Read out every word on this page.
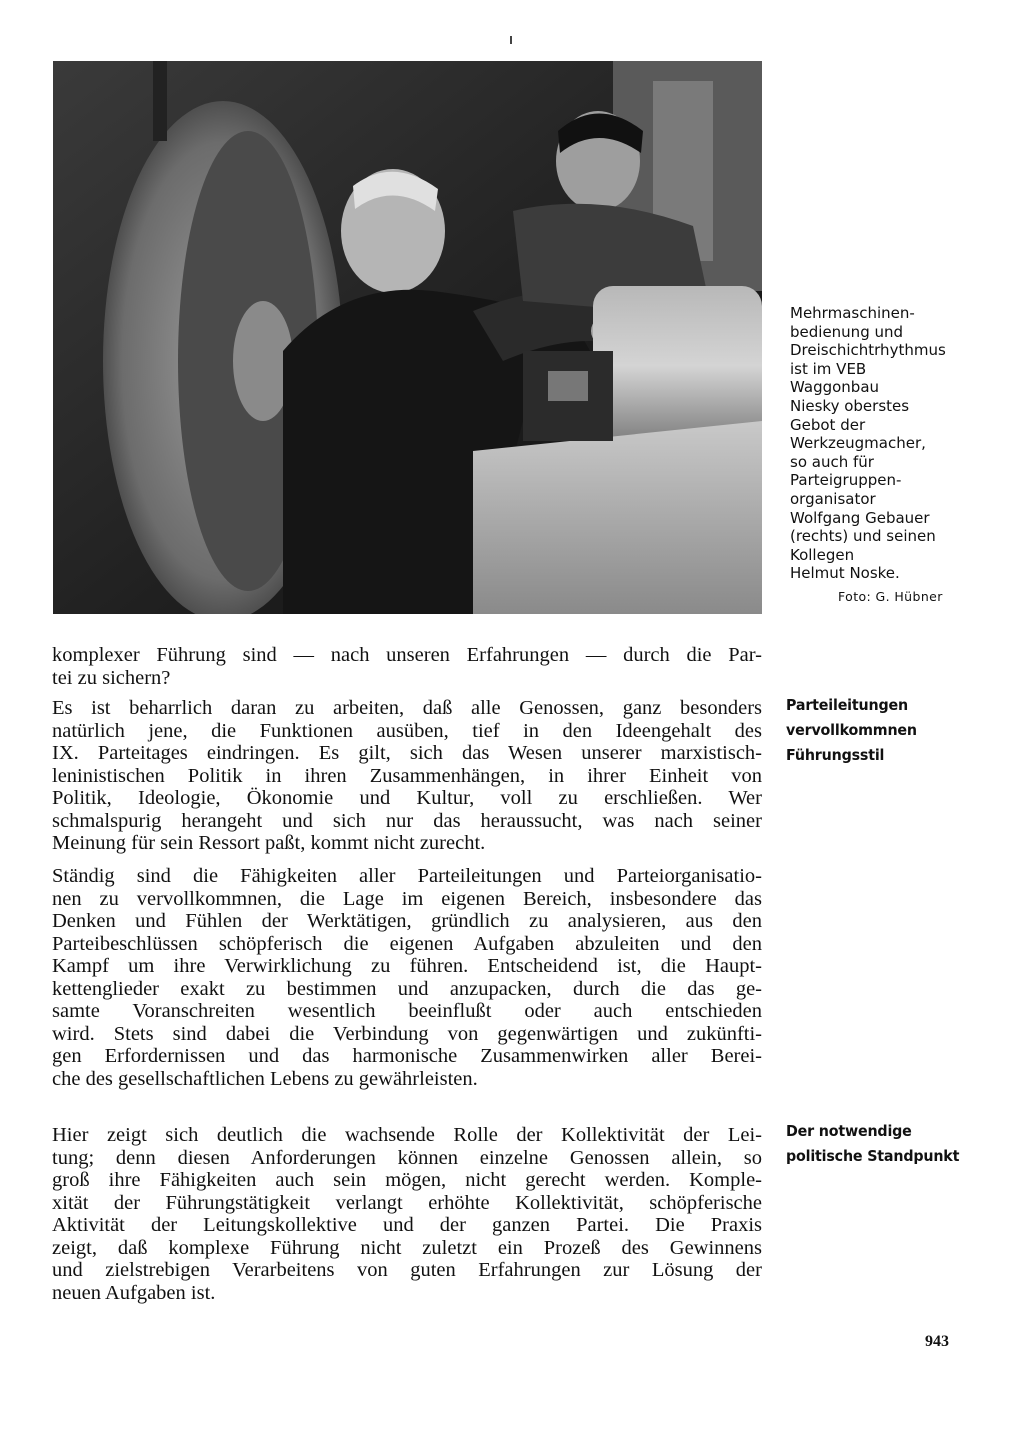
Mehrmaschinen-
bedienung und
Dreischichtrhythmus
ist im VEB
Waggonbau
Niesky oberstes
Gebot der
Werkzeugmacher,
so auch für
Parteigruppen-
organisator
Wolfgang Gebauer
(rechts) und seinen
Kollegen
Helmut Noske.
Foto: G. Hübner
komplexer Führung sind — nach unseren Erfahrungen — durch die Par-
tei zu sichern?
Es ist beharrlich daran zu arbeiten, daß alle Genossen, ganz besonders
natürlich jene, die Funktionen ausüben, tief in den Ideengehalt des
IX. Parteitages eindringen. Es gilt, sich das Wesen unserer marxistisch-
leninistischen Politik in ihren Zusammenhängen, in ihrer Einheit von
Politik, Ideologie, Ökonomie und Kultur, voll zu erschließen. Wer
schmalspurig herangeht und sich nur das heraussucht, was nach seiner
Meinung für sein Ressort paßt, kommt nicht zurecht.
Ständig sind die Fähigkeiten aller Parteileitungen und Parteiorganisatio-
nen zu vervollkommnen, die Lage im eigenen Bereich, insbesondere das
Denken und Fühlen der Werktätigen, gründlich zu analysieren, aus den
Parteibeschlüssen schöpferisch die eigenen Aufgaben abzuleiten und den
Kampf um ihre Verwirklichung zu führen. Entscheidend ist, die Haupt-
kettenglieder exakt zu bestimmen und anzupacken, durch die das ge-
samte Voranschreiten wesentlich beeinflußt oder auch entschieden
wird. Stets sind dabei die Verbindung von gegenwärtigen und zukünfti-
gen Erfordernissen und das harmonische Zusammenwirken aller Berei-
che des gesellschaftlichen Lebens zu gewährleisten.
Hier zeigt sich deutlich die wachsende Rolle der Kollektivität der Lei-
tung; denn diesen Anforderungen können einzelne Genossen allein, so
groß ihre Fähigkeiten auch sein mögen, nicht gerecht werden. Komple-
xität der Führungstätigkeit verlangt erhöhte Kollektivität, schöpferische
Aktivität der Leitungskollektive und der ganzen Partei. Die Praxis
zeigt, daß komplexe Führung nicht zuletzt ein Prozeß des Gewinnens
und zielstrebigen Verarbeitens von guten Erfahrungen zur Lösung der
neuen Aufgaben ist.
Parteileitungen
vervollkommnen
Führungsstil
Der notwendige
politische Standpunkt
943
